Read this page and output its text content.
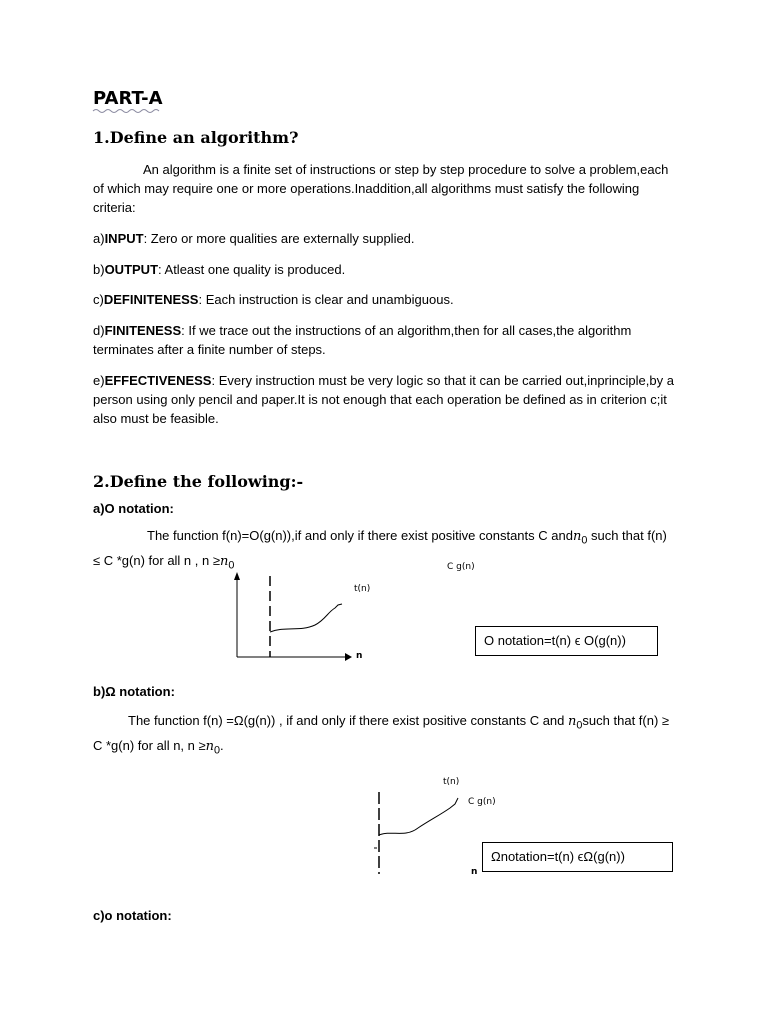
PART-A
1.Define an algorithm?
An algorithm is a finite set of instructions or step by step procedure to solve a problem,each of which may require one or more operations.Inaddition,all algorithms must satisfy the following criteria:
a)INPUT: Zero or more qualities are externally supplied.
b)OUTPUT: Atleast one quality is produced.
c)DEFINITENESS: Each instruction is clear and unambiguous.
d)FINITENESS: If we trace out the instructions of an algorithm,then for all cases,the algorithm terminates after a finite number of steps.
e)EFFECTIVENESS: Every instruction must be very logic so that it can be carried out,inprinciple,by a person using only pencil and paper.It is not enough that each operation be defined as in criterion c;it also must be feasible.
2.Define the following:-
a)O notation:
The function f(n)=O(g(n)),if and only if there exist positive constants C andn$_0$ such that f(n)
≤ C *g(n) for all n , $n \ge n_0$	C g(n)
t(n)
n
O notation=t(n) ϵ O(g(n))
b)Ω notation:
The function f(n) =Ω(g(n)) , if and only if there exist positive constants C and $n_0such$ that f(n) ≥
C *g(n) for all n, $n \ge n_0$.
t(n)
C g(n)
n
Ωnotation=t(n) ϵΩ(g(n))
c)o notation:
